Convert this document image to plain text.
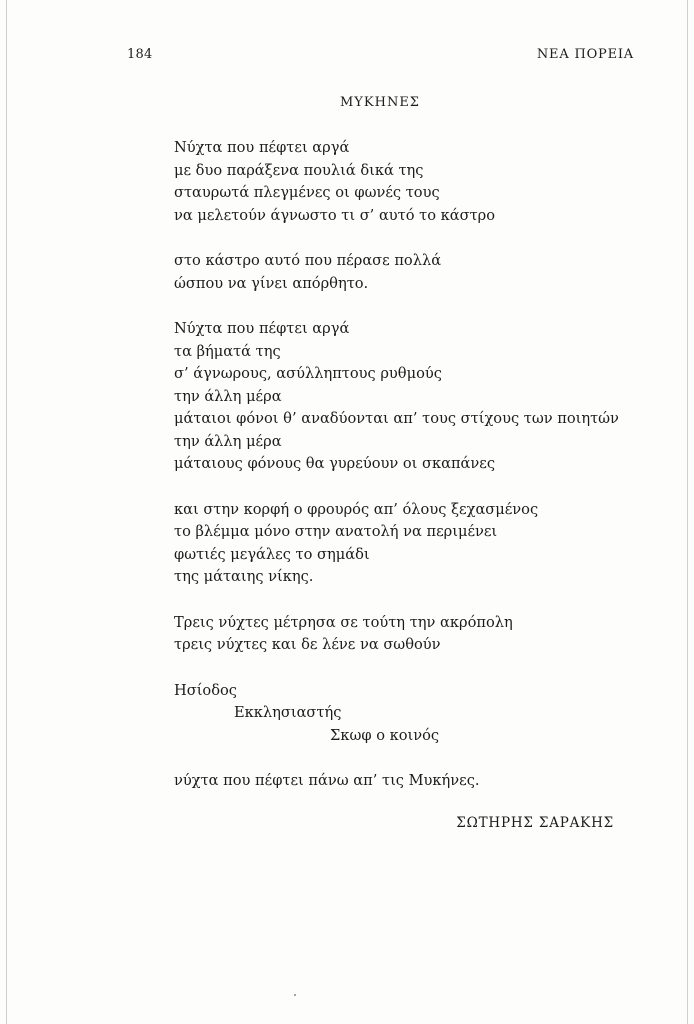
184	ΝΕΑ ΠΟΡΕΙΑ
ΜΥΚΗΝΕΣ
Νύχτα που πέφτει αργά
με δυο παράξενα πουλιά δικά της
σταυρωτά πλεγμένες οι φωνές τους
να μελετούν άγνωστο τι σ’ αυτό το κάστρο
στο κάστρο αυτό που πέρασε πολλά
ώσπου να γίνει απόρθητο.
Νύχτα που πέφτει αργά
τα βήματά της
σ’ άγνωρους, ασύλληπτους ρυθμούς
την άλλη μέρα
μάταιοι φόνοι θ’ αναδύονται απ’ τους στίχους των ποιητών
την άλλη μέρα
μάταιους φόνους θα γυρεύουν οι σκαπάνες
και στην κορφή ο φρουρός απ’ όλους ξεχασμένος
το βλέμμα μόνο στην ανατολή να περιμένει
φωτιές μεγάλες το σημάδι
της μάταιης νίκης.
Τρεις νύχτες μέτρησα σε τούτη την ακρόπολη
τρεις νύχτες και δε λένε να σωθούν
Ησίοδος
Εκκλησιαστής
Σκωφ ο κοινός
νύχτα που πέφτει πάνω απ’ τις Μυκήνες.
ΣΩΤΗΡΗΣ ΣΑΡΑΚΗΣ
